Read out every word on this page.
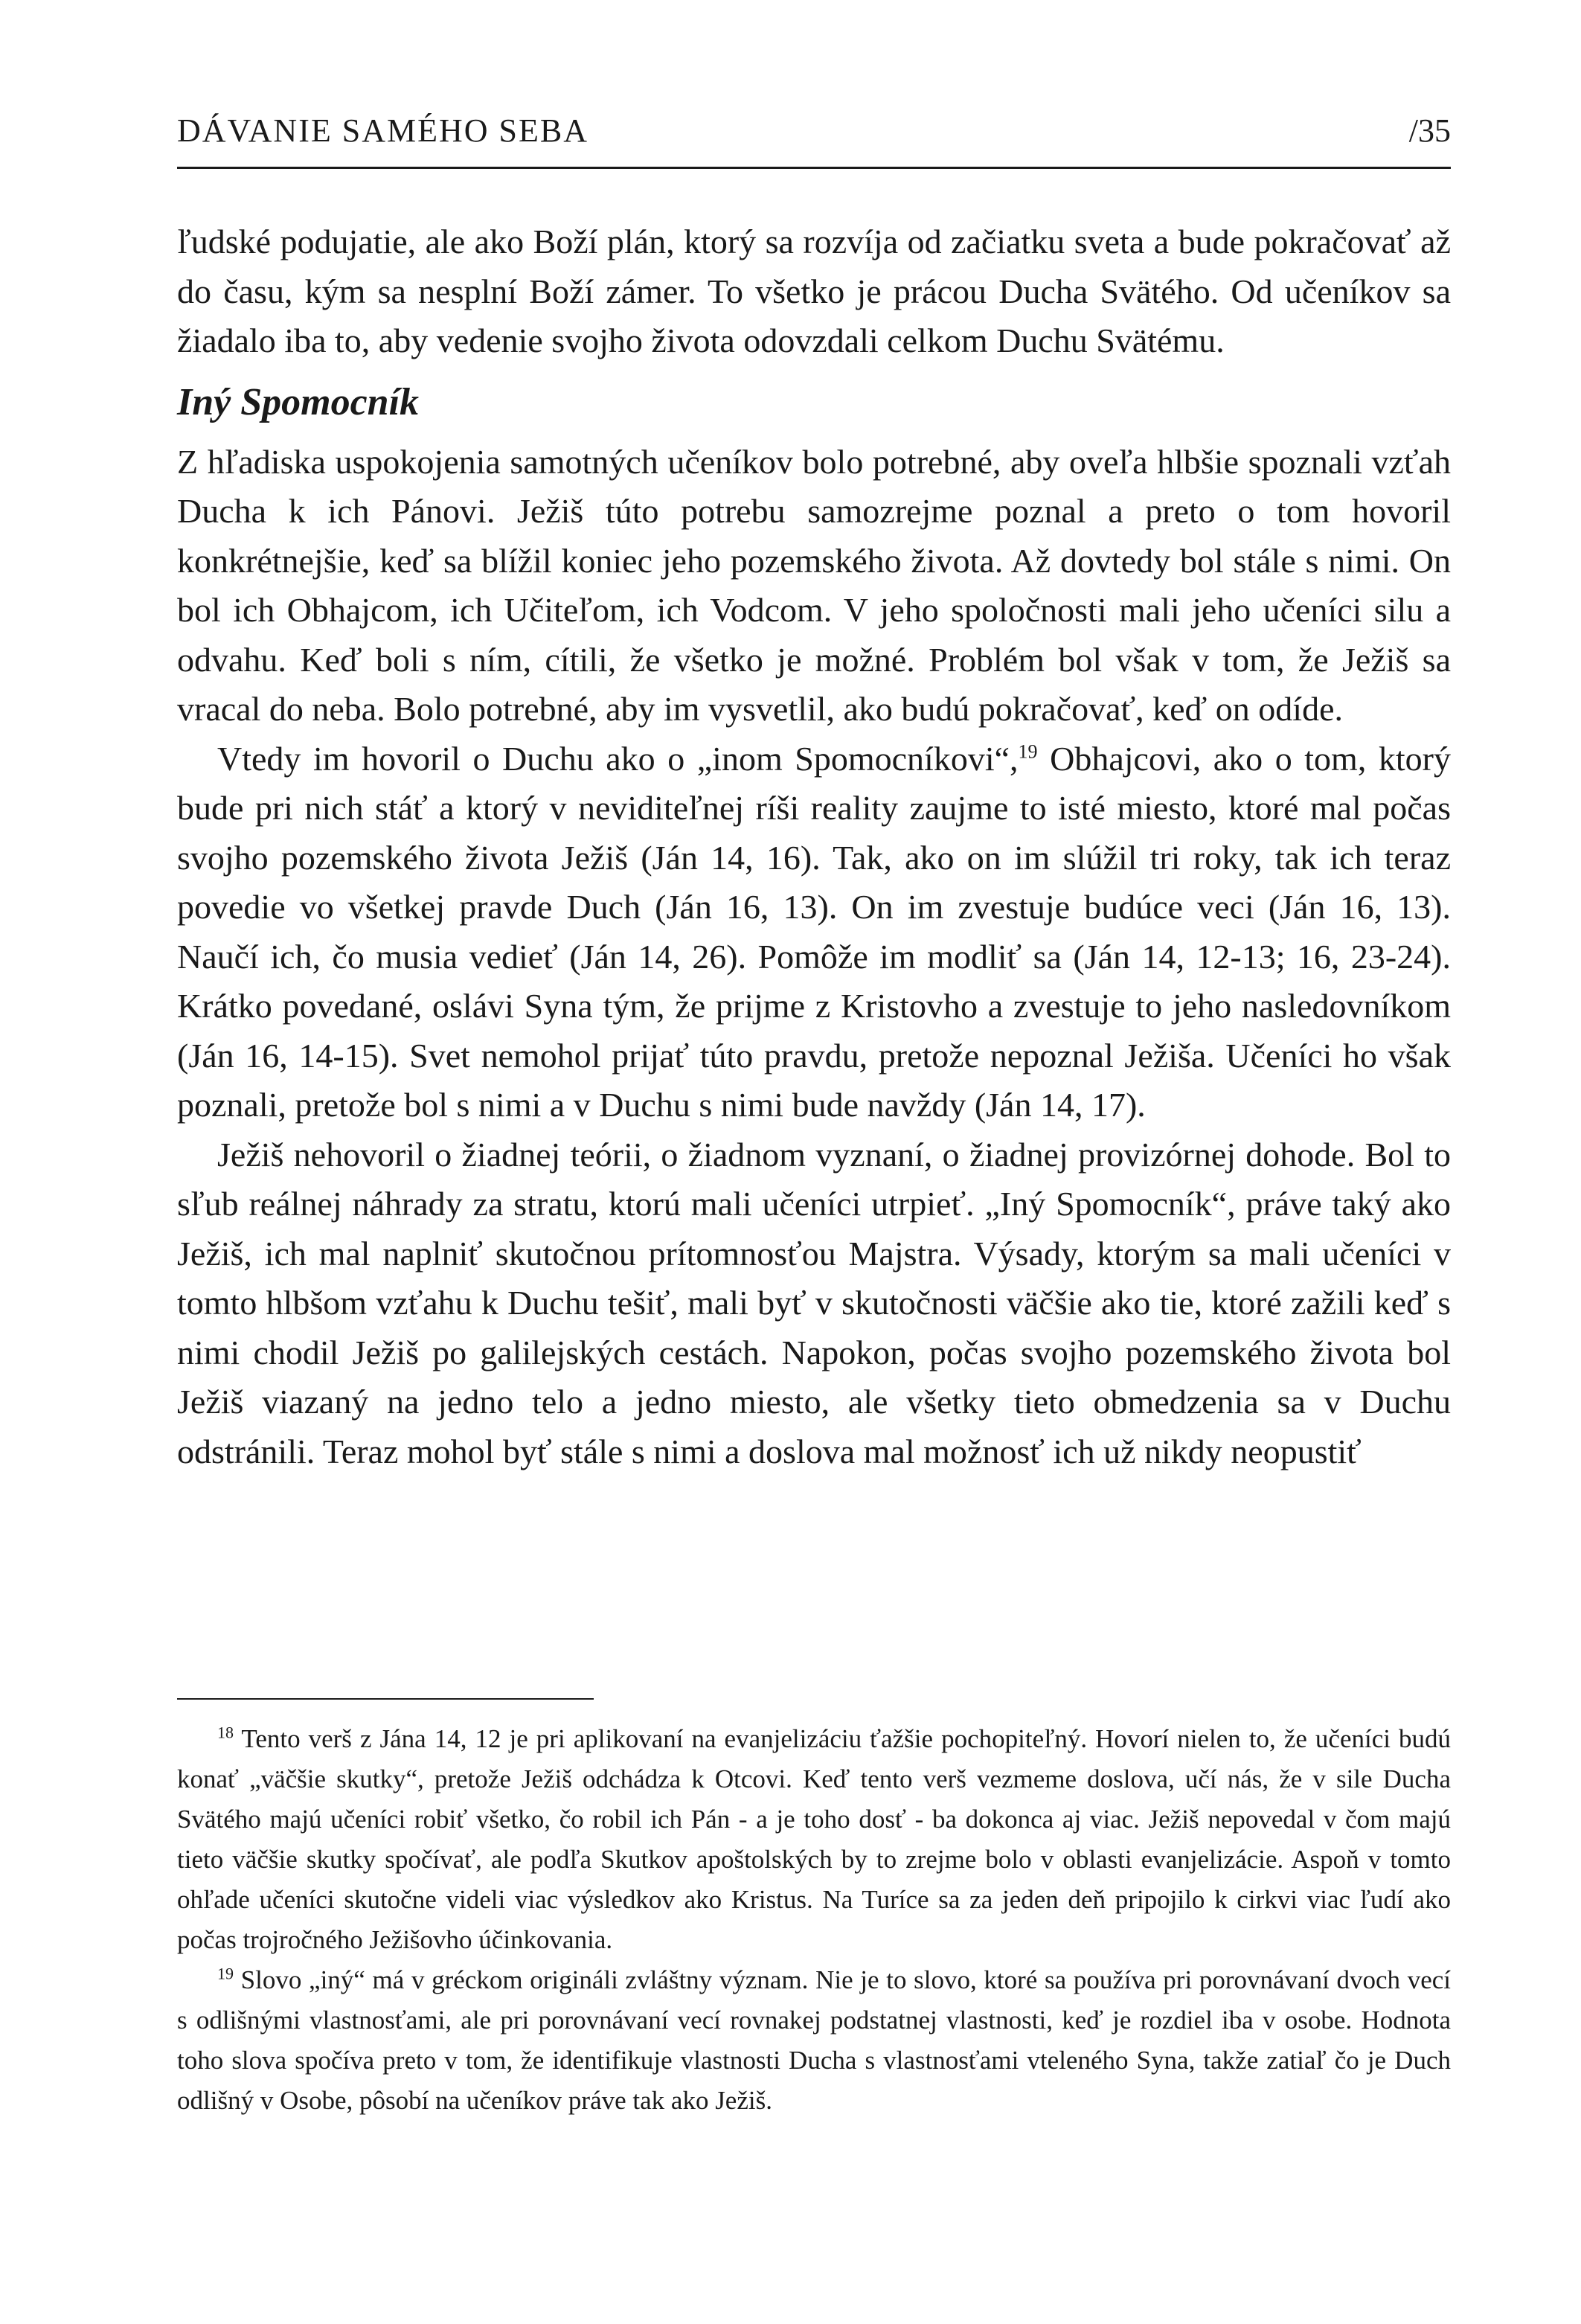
DÁVANIE SAMÉHO SEBA	/35

ľudské podujatie, ale ako Boží plán, ktorý sa rozvíja od začiatku sveta a bude pokračovať až do času, kým sa nesplní Boží zámer. To všetko je prácou Ducha Svätého. Od učeníkov sa žiadalo iba to, aby vedenie svojho života odovzdali celkom Duchu Svätému.

Iný Spomocník

Z hľadiska uspokojenia samotných učeníkov bolo potrebné, aby oveľa hlbšie spoznali vzťah Ducha k ich Pánovi. Ježiš túto potrebu samozrejme poznal a preto o tom hovoril konkrétnejšie, keď sa blížil koniec jeho pozemského života. Až dovtedy bol stále s nimi. On bol ich Obhajcom, ich Učiteľom, ich Vodcom. V jeho spoločnosti mali jeho učeníci silu a odvahu. Keď boli s ním, cítili, že všetko je možné. Problém bol však v tom, že Ježiš sa vracal do neba. Bolo potrebné, aby im vysvetlil, ako budú pokračovať, keď on odíde.

Vtedy im hovoril o Duchu ako o „inom Spomocníkovi“,$^{19}$ Obhajcovi, ako o tom, ktorý bude pri nich stáť a ktorý v neviditeľnej ríši reality zaujme to isté miesto, ktoré mal počas svojho pozemského života Ježiš (Ján 14, 16). Tak, ako on im slúžil tri roky, tak ich teraz povedie vo všetkej pravde Duch (Ján 16, 13). On im zvestuje budúce veci (Ján 16, 13). Naučí ich, čo musia vedieť (Ján 14, 26). Pomôže im modliť sa (Ján 14, 12-13; 16, 23-24). Krátko povedané, oslávi Syna tým, že prijme z Kristovho a zvestuje to jeho nasledovníkom (Ján 16, 14-15). Svet nemohol prijať túto pravdu, pretože nepoznal Ježiša. Učeníci ho však poznali, pretože bol s nimi a v Duchu s nimi bude navždy (Ján 14, 17).

Ježiš nehovoril o žiadnej teórii, o žiadnom vyznaní, o žiadnej provizórnej dohode. Bol to sľub reálnej náhrady za stratu, ktorú mali učeníci utrpieť. „Iný Spomocník“, práve taký ako Ježiš, ich mal naplniť skutočnou prítomnosťou Majstra. Výsady, ktorým sa mali učeníci v tomto hlbšom vzťahu k Duchu tešiť, mali byť v skutočnosti väčšie ako tie, ktoré zažili keď s nimi chodil Ježiš po galilejských cestách. Napokon, počas svojho pozemského života bol Ježiš viazaný na jedno telo a jedno miesto, ale všetky tieto obmedzenia sa v Duchu odstránili. Teraz mohol byť stále s nimi a doslova mal možnosť ich už nikdy neopustiť

$^{18}$ Tento verš z Jána 14, 12 je pri aplikovaní na evanjelizáciu ťažšie pochopiteľný. Hovorí nielen to, že učeníci budú konať „väčšie skutky“, pretože Ježiš odchádza k Otcovi. Keď tento verš vezmeme doslova, učí nás, že v sile Ducha Svätého majú učeníci robiť všetko, čo robil ich Pán - a je toho dosť - ba dokonca aj viac. Ježiš nepovedal v čom majú tieto väčšie skutky spočívať, ale podľa Skutkov apoštolských by to zrejme bolo v oblasti evanjelizácie. Aspoň v tomto ohľade učeníci skutočne videli viac výsledkov ako Kristus. Na Turíce sa za jeden deň pripojilo k cirkvi viac ľudí ako počas trojročného Ježišovho účinkovania.

$^{19}$ Slovo „iný“ má v gréckom origináli zvláštny význam. Nie je to slovo, ktoré sa používa pri porovnávaní dvoch vecí s odlišnými vlastnosťami, ale pri porovnávaní vecí rovnakej podstatnej vlastnosti, keď je rozdiel iba v osobe. Hodnota toho slova spočíva preto v tom, že identifikuje vlastnosti Ducha s vlastnosťami vteleného Syna, takže zatiaľ čo je Duch odlišný v Osobe, pôsobí na učeníkov práve tak ako Ježiš.
